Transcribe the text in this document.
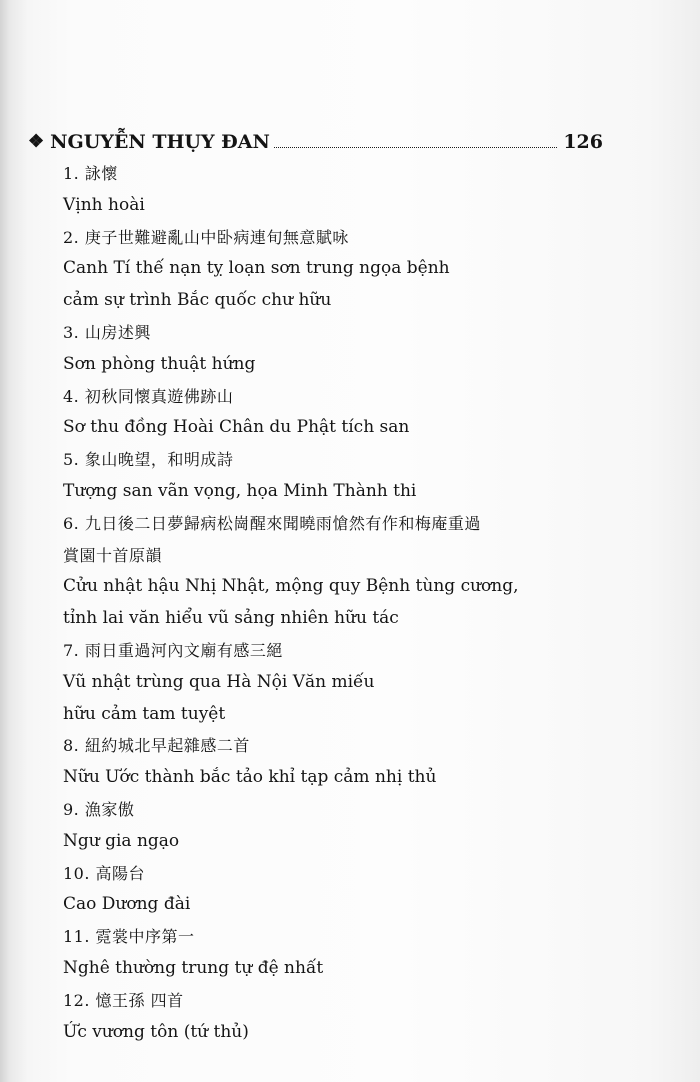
❖ NGUYỄN THỤY ĐAN	126
1. 詠懷
Vịnh hoài
2. 庚子世難避亂山中卧病連旬無意賦咏
Canh Tí thế nạn tỵ loạn sơn trung ngọa bệnh
cảm sự trình Bắc quốc chư hữu
3. 山房述興
Sơn phòng thuật hứng
4. 初秋同懷真遊佛跡山
Sơ thu đồng Hoài Chân du Phật tích san
5. 象山晚望，和明成詩
Tượng san vãn vọng, họa Minh Thành thi
6. 九日後二日夢歸病松崗醒來聞曉雨愴然有作和梅庵重過
賞園十首原韻
Cửu nhật hậu Nhị Nhật, mộng quy Bệnh tùng cương,
tỉnh lai văn hiểu vũ sảng nhiên hữu tác
7. 雨日重過河內文廟有感三絕
Vũ nhật trùng qua Hà Nội Văn miếu
hữu cảm tam tuyệt
8. 紐約城北早起雜感二首
Nữu Ước thành bắc tảo khỉ tạp cảm nhị thủ
9. 漁家傲
Ngư gia ngạo
10. 高陽台
Cao Dương đài
11. 霓裳中序第一
Nghê thường trung tự đệ nhất
12. 憶王孫 四首
Ức vương tôn (tứ thủ)
